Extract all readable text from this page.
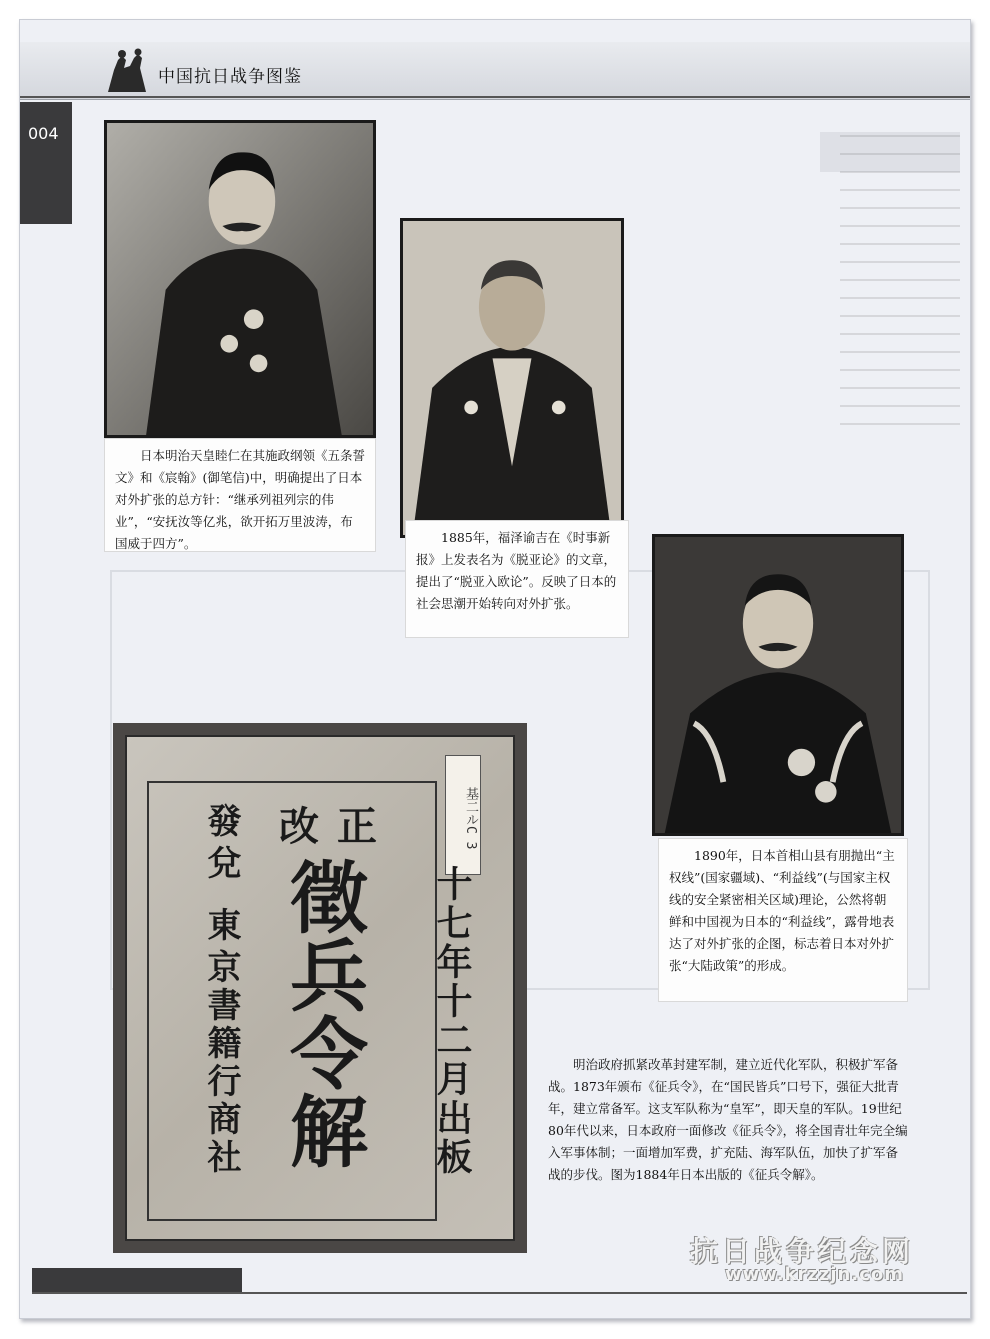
中国抗日战争图鉴
004

日本明治天皇睦仁在其施政纲领《五条誓文》和《宸翰》(御笔信)中，明确提出了日本对外扩张的总方针：“继承列祖列宗的伟业”，“安抚汝等亿兆，欲开拓万里波涛，布国威于四方”。	1885年，福泽谕吉在《时事新报》上发表名为《脱亚论》的文章，提出了“脱亚入欧论”。反映了日本的社会思潮开始转向对外扩张。

1890年，日本首相山县有朋抛出“主权线”(国家疆域)、“利益线”(与国家主权线的安全紧密相关区域)理论，公然将朝鲜和中国视为日本的“利益线”，露骨地表达了对外扩张的企图，标志着日本对外扩张“大陆政策”的形成。

基二ルC 3
十七年十二月出板
改正
徵兵令解
發兌 東京
書籍行商社	明治政府抓紧改革封建军制，建立近代化军队，积极扩军备战。1873年颁布《征兵令》，在“国民皆兵”口号下，强征大批青年，建立常备军。这支军队称为“皇军”，即天皇的军队。19世纪80年代以来，日本政府一面修改《征兵令》，将全国青壮年完全编入军事体制；一面增加军费，扩充陆、海军队伍，加快了扩军备战的步伐。图为1884年日本出版的《征兵令解》。

抗日战争纪念网
www.krzzjn.com
